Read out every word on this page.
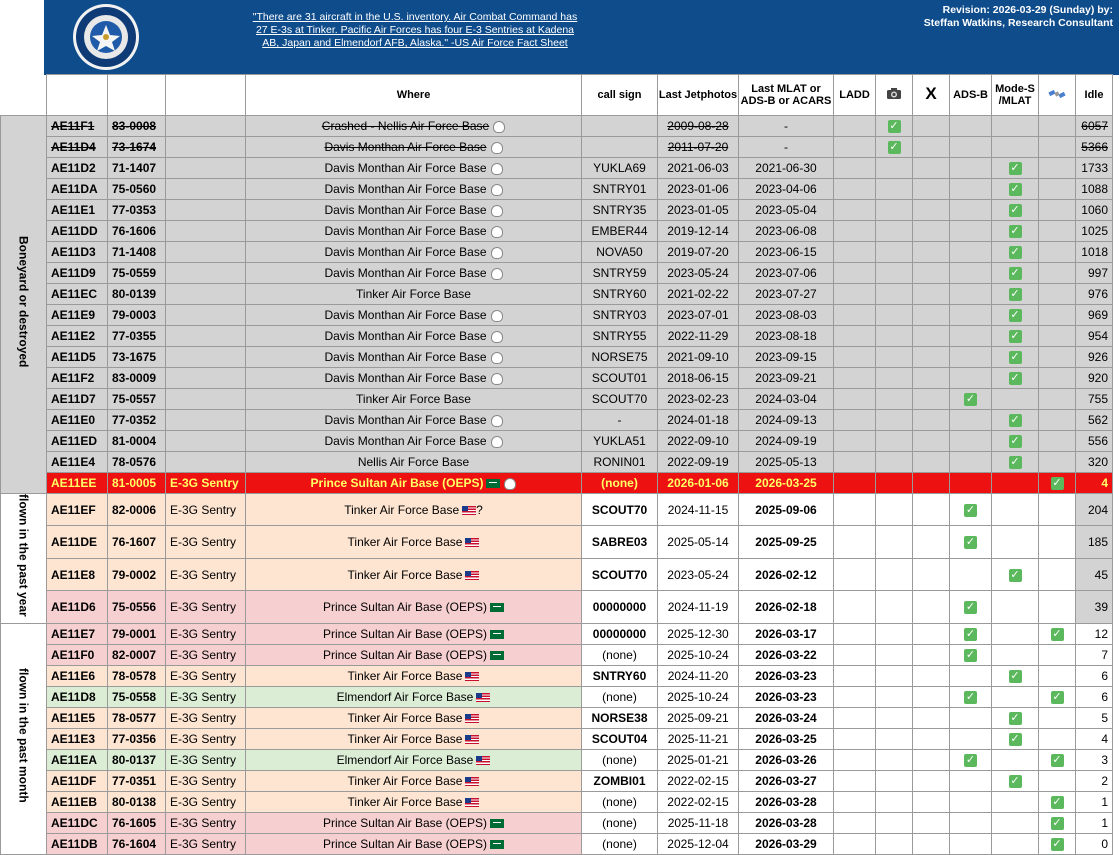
"There are 31 aircraft in the U.S. inventory. Air Combat Command has 27 E-3s at Tinker. Pacific Air Forces has four E-3 Sentries at Kadena AB, Japan and Elmendorf AFB, Alaska." -US Air Force Fact Sheet
Revision: 2026-03-29 (Sunday) by:
Steffan Watkins, Research Consultant
				Where	call sign	Last Jetphotos	Last MLAT or ADS-B or ACARS	LADD		X	ADS-B	Mode-S /MLAT		Idle
Boneyard or destroyed	AE11F1	83-0008		Crashed - Nellis Air Force Base		2009-08-28	-		✓					6057
	AE11D4	73-1674		Davis Monthan Air Force Base		2011-07-20	-		✓					5366
	AE11D2	71-1407		Davis Monthan Air Force Base	YUKLA69	2021-06-03	2021-06-30					✓		1733
	AE11DA	75-0560		Davis Monthan Air Force Base	SNTRY01	2023-01-06	2023-04-06					✓		1088
	AE11E1	77-0353		Davis Monthan Air Force Base	SNTRY35	2023-01-05	2023-05-04					✓		1060
	AE11DD	76-1606		Davis Monthan Air Force Base	EMBER44	2019-12-14	2023-06-08					✓		1025
	AE11D3	71-1408		Davis Monthan Air Force Base	NOVA50	2019-07-20	2023-06-15					✓		1018
	AE11D9	75-0559		Davis Monthan Air Force Base	SNTRY59	2023-05-24	2023-07-06					✓		997
	AE11EC	80-0139		Tinker Air Force Base	SNTRY60	2021-02-22	2023-07-27					✓		976
	AE11E9	79-0003		Davis Monthan Air Force Base	SNTRY03	2023-07-01	2023-08-03					✓		969
	AE11E2	77-0355		Davis Monthan Air Force Base	SNTRY55	2022-11-29	2023-08-18					✓		954
	AE11D5	73-1675		Davis Monthan Air Force Base	NORSE75	2021-09-10	2023-09-15					✓		926
	AE11F2	83-0009		Davis Monthan Air Force Base	SCOUT01	2018-06-15	2023-09-21					✓		920
	AE11D7	75-0557		Tinker Air Force Base	SCOUT70	2023-02-23	2024-03-04				✓			755
	AE11E0	77-0352		Davis Monthan Air Force Base	-	2024-01-18	2024-09-13					✓		562
	AE11ED	81-0004		Davis Monthan Air Force Base	YUKLA51	2022-09-10	2024-09-19					✓		556
	AE11E4	78-0576		Nellis Air Force Base	RONIN01	2022-09-19	2025-05-13					✓		320
	AE11EE	81-0005	E-3G Sentry	Prince Sultan Air Base (OEPS)	(none)	2026-01-06	2026-03-25						✓	4
flown in the past year	AE11EF	82-0006	E-3G Sentry	Tinker Air Force Base ?	SCOUT70	2024-11-15	2025-09-06				✓			204
	AE11DE	76-1607	E-3G Sentry	Tinker Air Force Base	SABRE03	2025-05-14	2025-09-25				✓			185
	AE11E8	79-0002	E-3G Sentry	Tinker Air Force Base	SCOUT70	2023-05-24	2026-02-12					✓		45
	AE11D6	75-0556	E-3G Sentry	Prince Sultan Air Base (OEPS)	00000000	2024-11-19	2026-02-18				✓			39
flown in the past month	AE11E7	79-0001	E-3G Sentry	Prince Sultan Air Base (OEPS)	00000000	2025-12-30	2026-03-17				✓		✓	12
	AE11F0	82-0007	E-3G Sentry	Prince Sultan Air Base (OEPS)	(none)	2025-10-24	2026-03-22				✓			7
	AE11E6	78-0578	E-3G Sentry	Tinker Air Force Base	SNTRY60	2024-11-20	2026-03-23					✓		6
	AE11D8	75-0558	E-3G Sentry	Elmendorf Air Force Base	(none)	2025-10-24	2026-03-23				✓		✓	6
	AE11E5	78-0577	E-3G Sentry	Tinker Air Force Base	NORSE38	2025-09-21	2026-03-24					✓		5
	AE11E3	77-0356	E-3G Sentry	Tinker Air Force Base	SCOUT04	2025-11-21	2026-03-25					✓		4
	AE11EA	80-0137	E-3G Sentry	Elmendorf Air Force Base	(none)	2025-01-21	2026-03-26				✓		✓	3
	AE11DF	77-0351	E-3G Sentry	Tinker Air Force Base	ZOMBI01	2022-02-15	2026-03-27					✓		2
	AE11EB	80-0138	E-3G Sentry	Tinker Air Force Base	(none)	2022-02-15	2026-03-28						✓	1
	AE11DC	76-1605	E-3G Sentry	Prince Sultan Air Base (OEPS)	(none)	2025-11-18	2026-03-28						✓	1
	AE11DB	76-1604	E-3G Sentry	Prince Sultan Air Base (OEPS)	(none)	2025-12-04	2026-03-29						✓	0
